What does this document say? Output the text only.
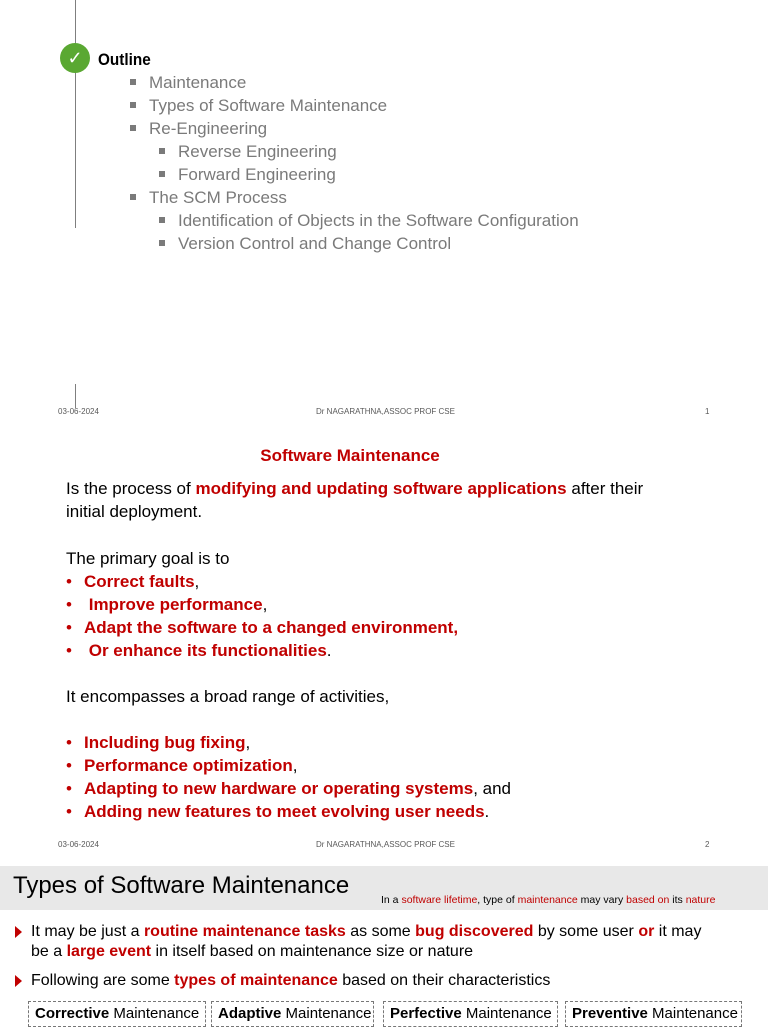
✓ Outline
Maintenance
Types of Software Maintenance
Re-Engineering
Reverse Engineering
Forward Engineering
The SCM Process
Identification of Objects in the Software Configuration
Version Control and Change Control
03-06-2024	Dr NAGARATHNA,ASSOC PROF CSE	1
Software Maintenance
Is the process of modifying and updating software applications after their
initial deployment.
The primary goal is to
• Correct faults,
• Improve performance,
• Adapt the software to a changed environment,
• Or enhance its functionalities.
It encompasses a broad range of activities,
• Including bug fixing,
• Performance optimization,
• Adapting to new hardware or operating systems, and
• Adding new features to meet evolving user needs.
03-06-2024	Dr NAGARATHNA,ASSOC PROF CSE	2
Types of Software Maintenance
In a software lifetime, type of maintenance may vary based on its nature
It may be just a routine maintenance tasks as some bug discovered by some user or it may
be a large event in itself based on maintenance size or nature
Following are some types of maintenance based on their characteristics
Corrective Maintenance	Adaptive Maintenance	Perfective Maintenance	Preventive Maintenance
